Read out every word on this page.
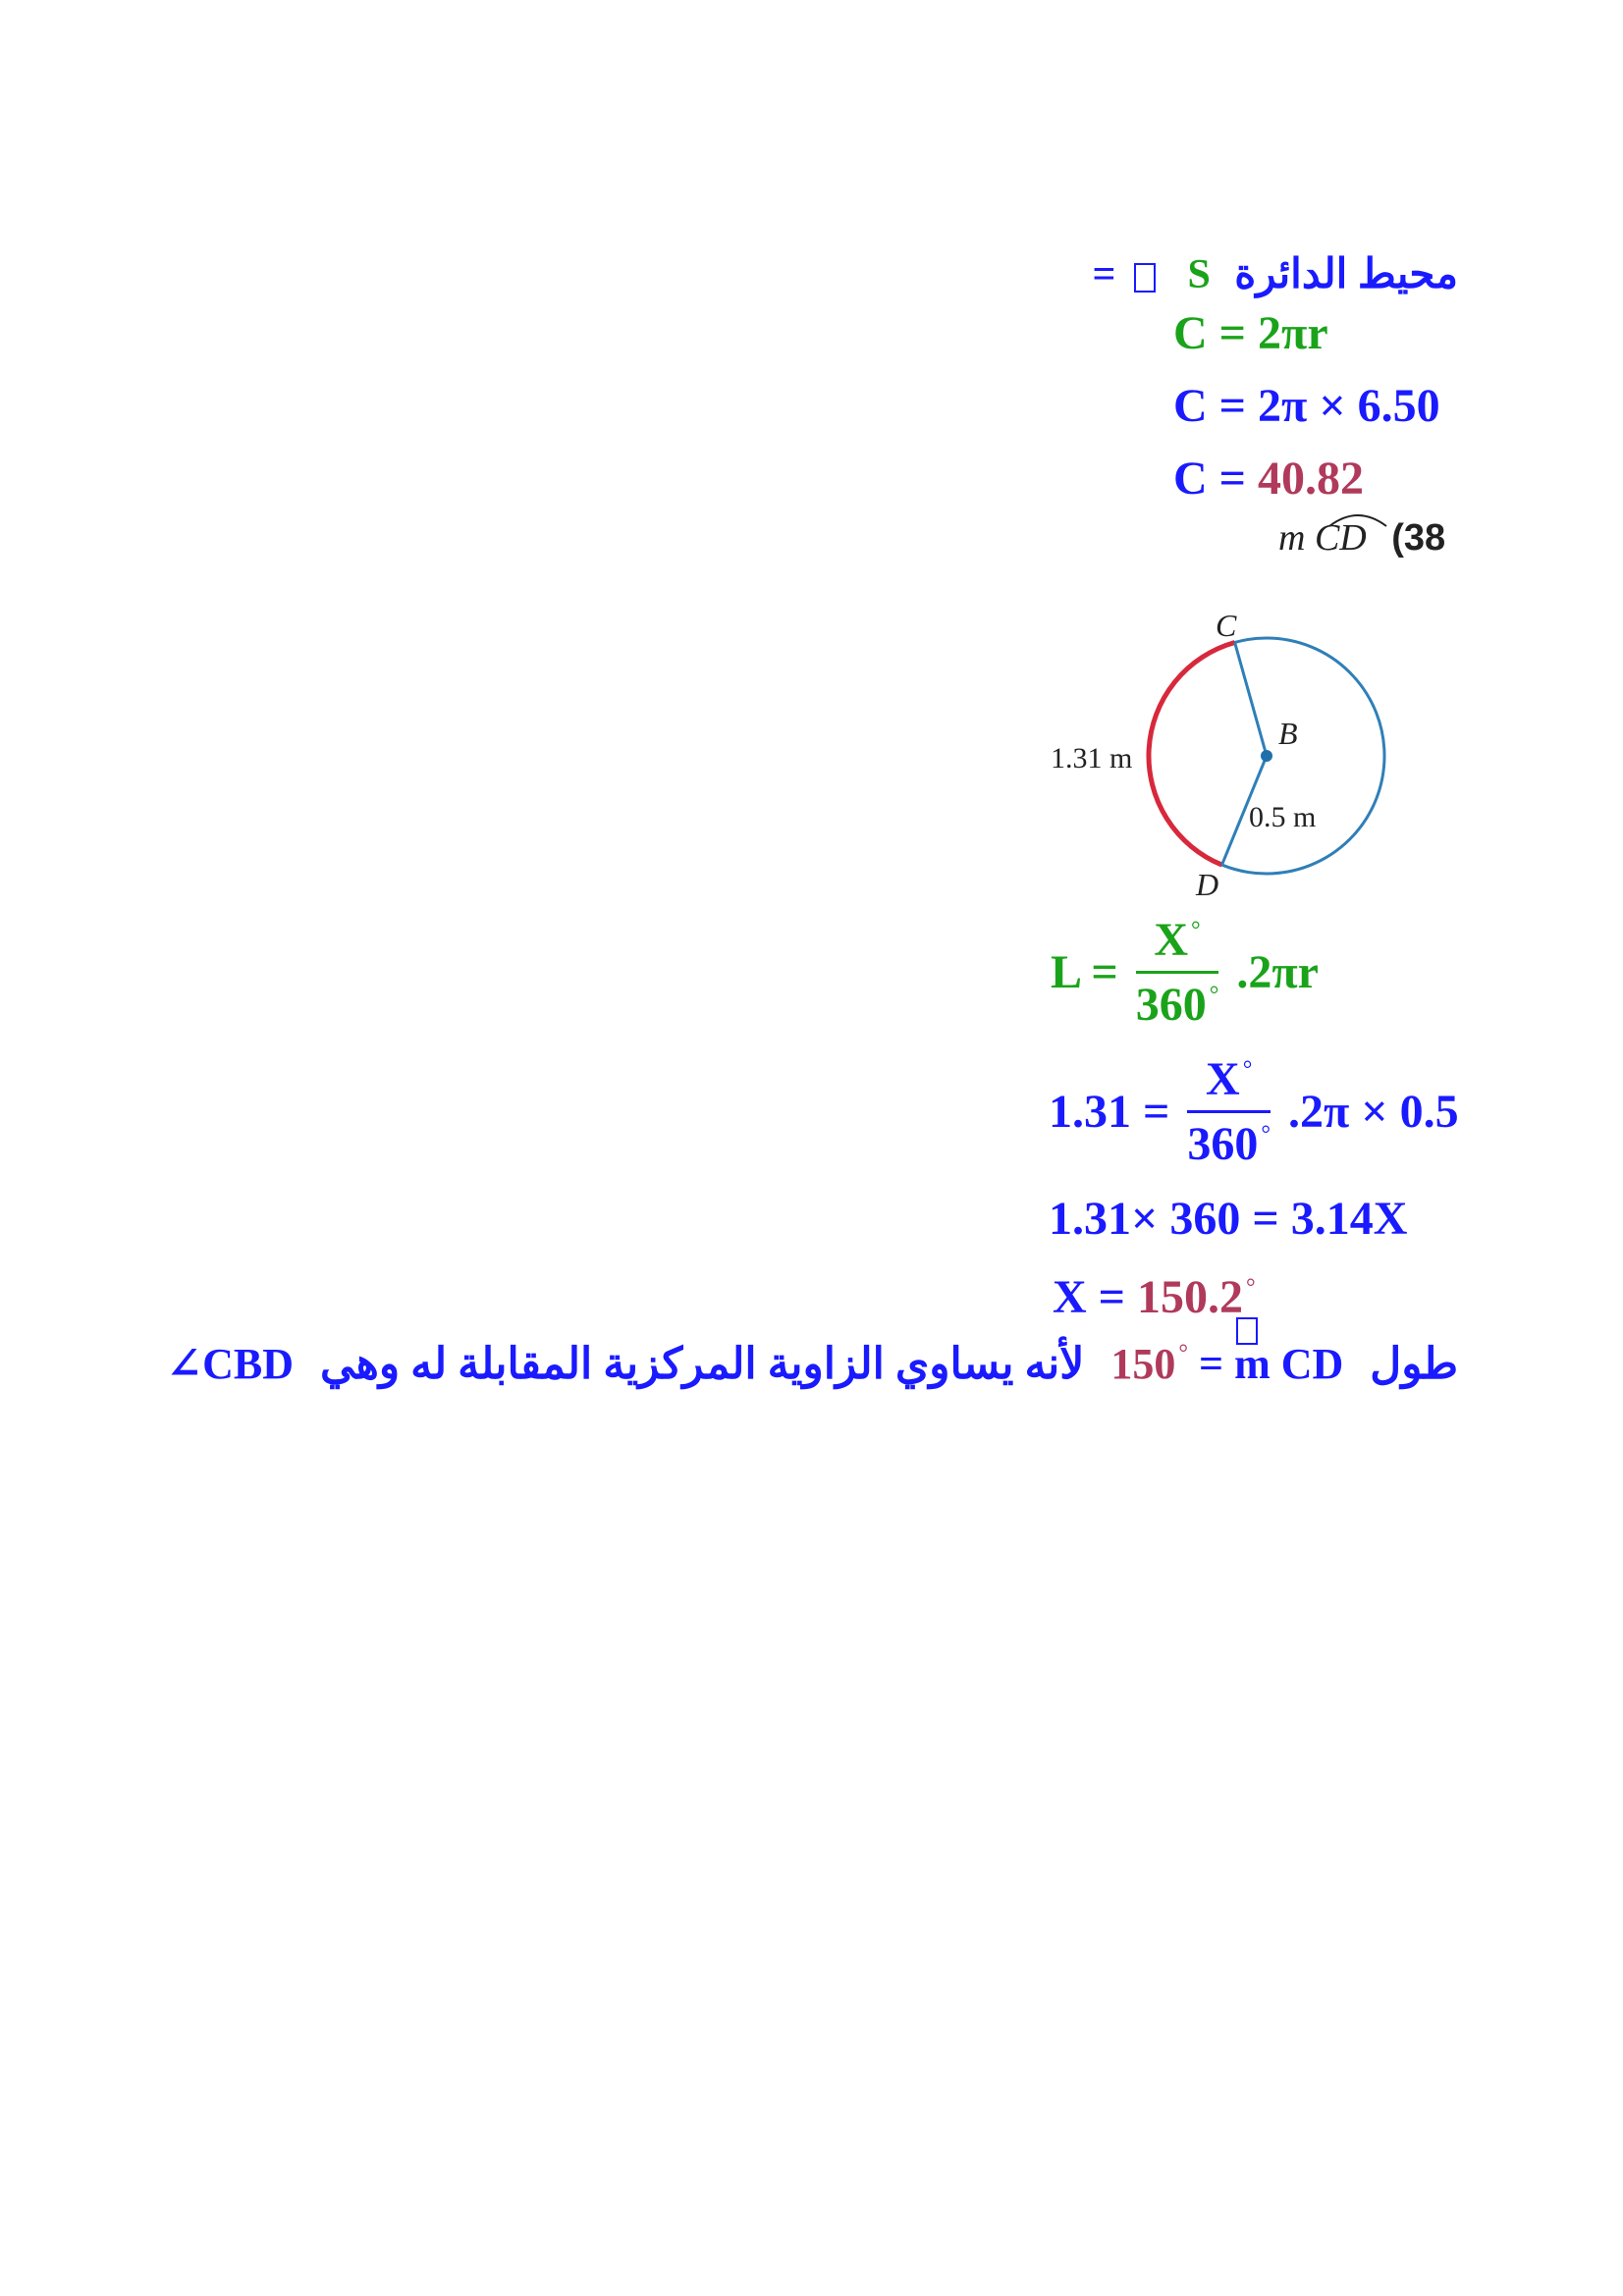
محيط الدائرة S  =
C = 2πr
C = 2π × 6.50
C = 40.82
m CD (38
C
B
D
1.31 m
0.5 m
$L = \frac{X ^\circ}{360 ^\circ} .2\pi r$
$1.31 = \frac{X ^\circ}{360 ^\circ} .2\pi \times 0.5$
1.31× 360 = 3.14X
X = 150.2 °
طول 150 ° =
m CD لأنه يساوي الزاوية المركزية المقابلة له وهي ∠CBD
